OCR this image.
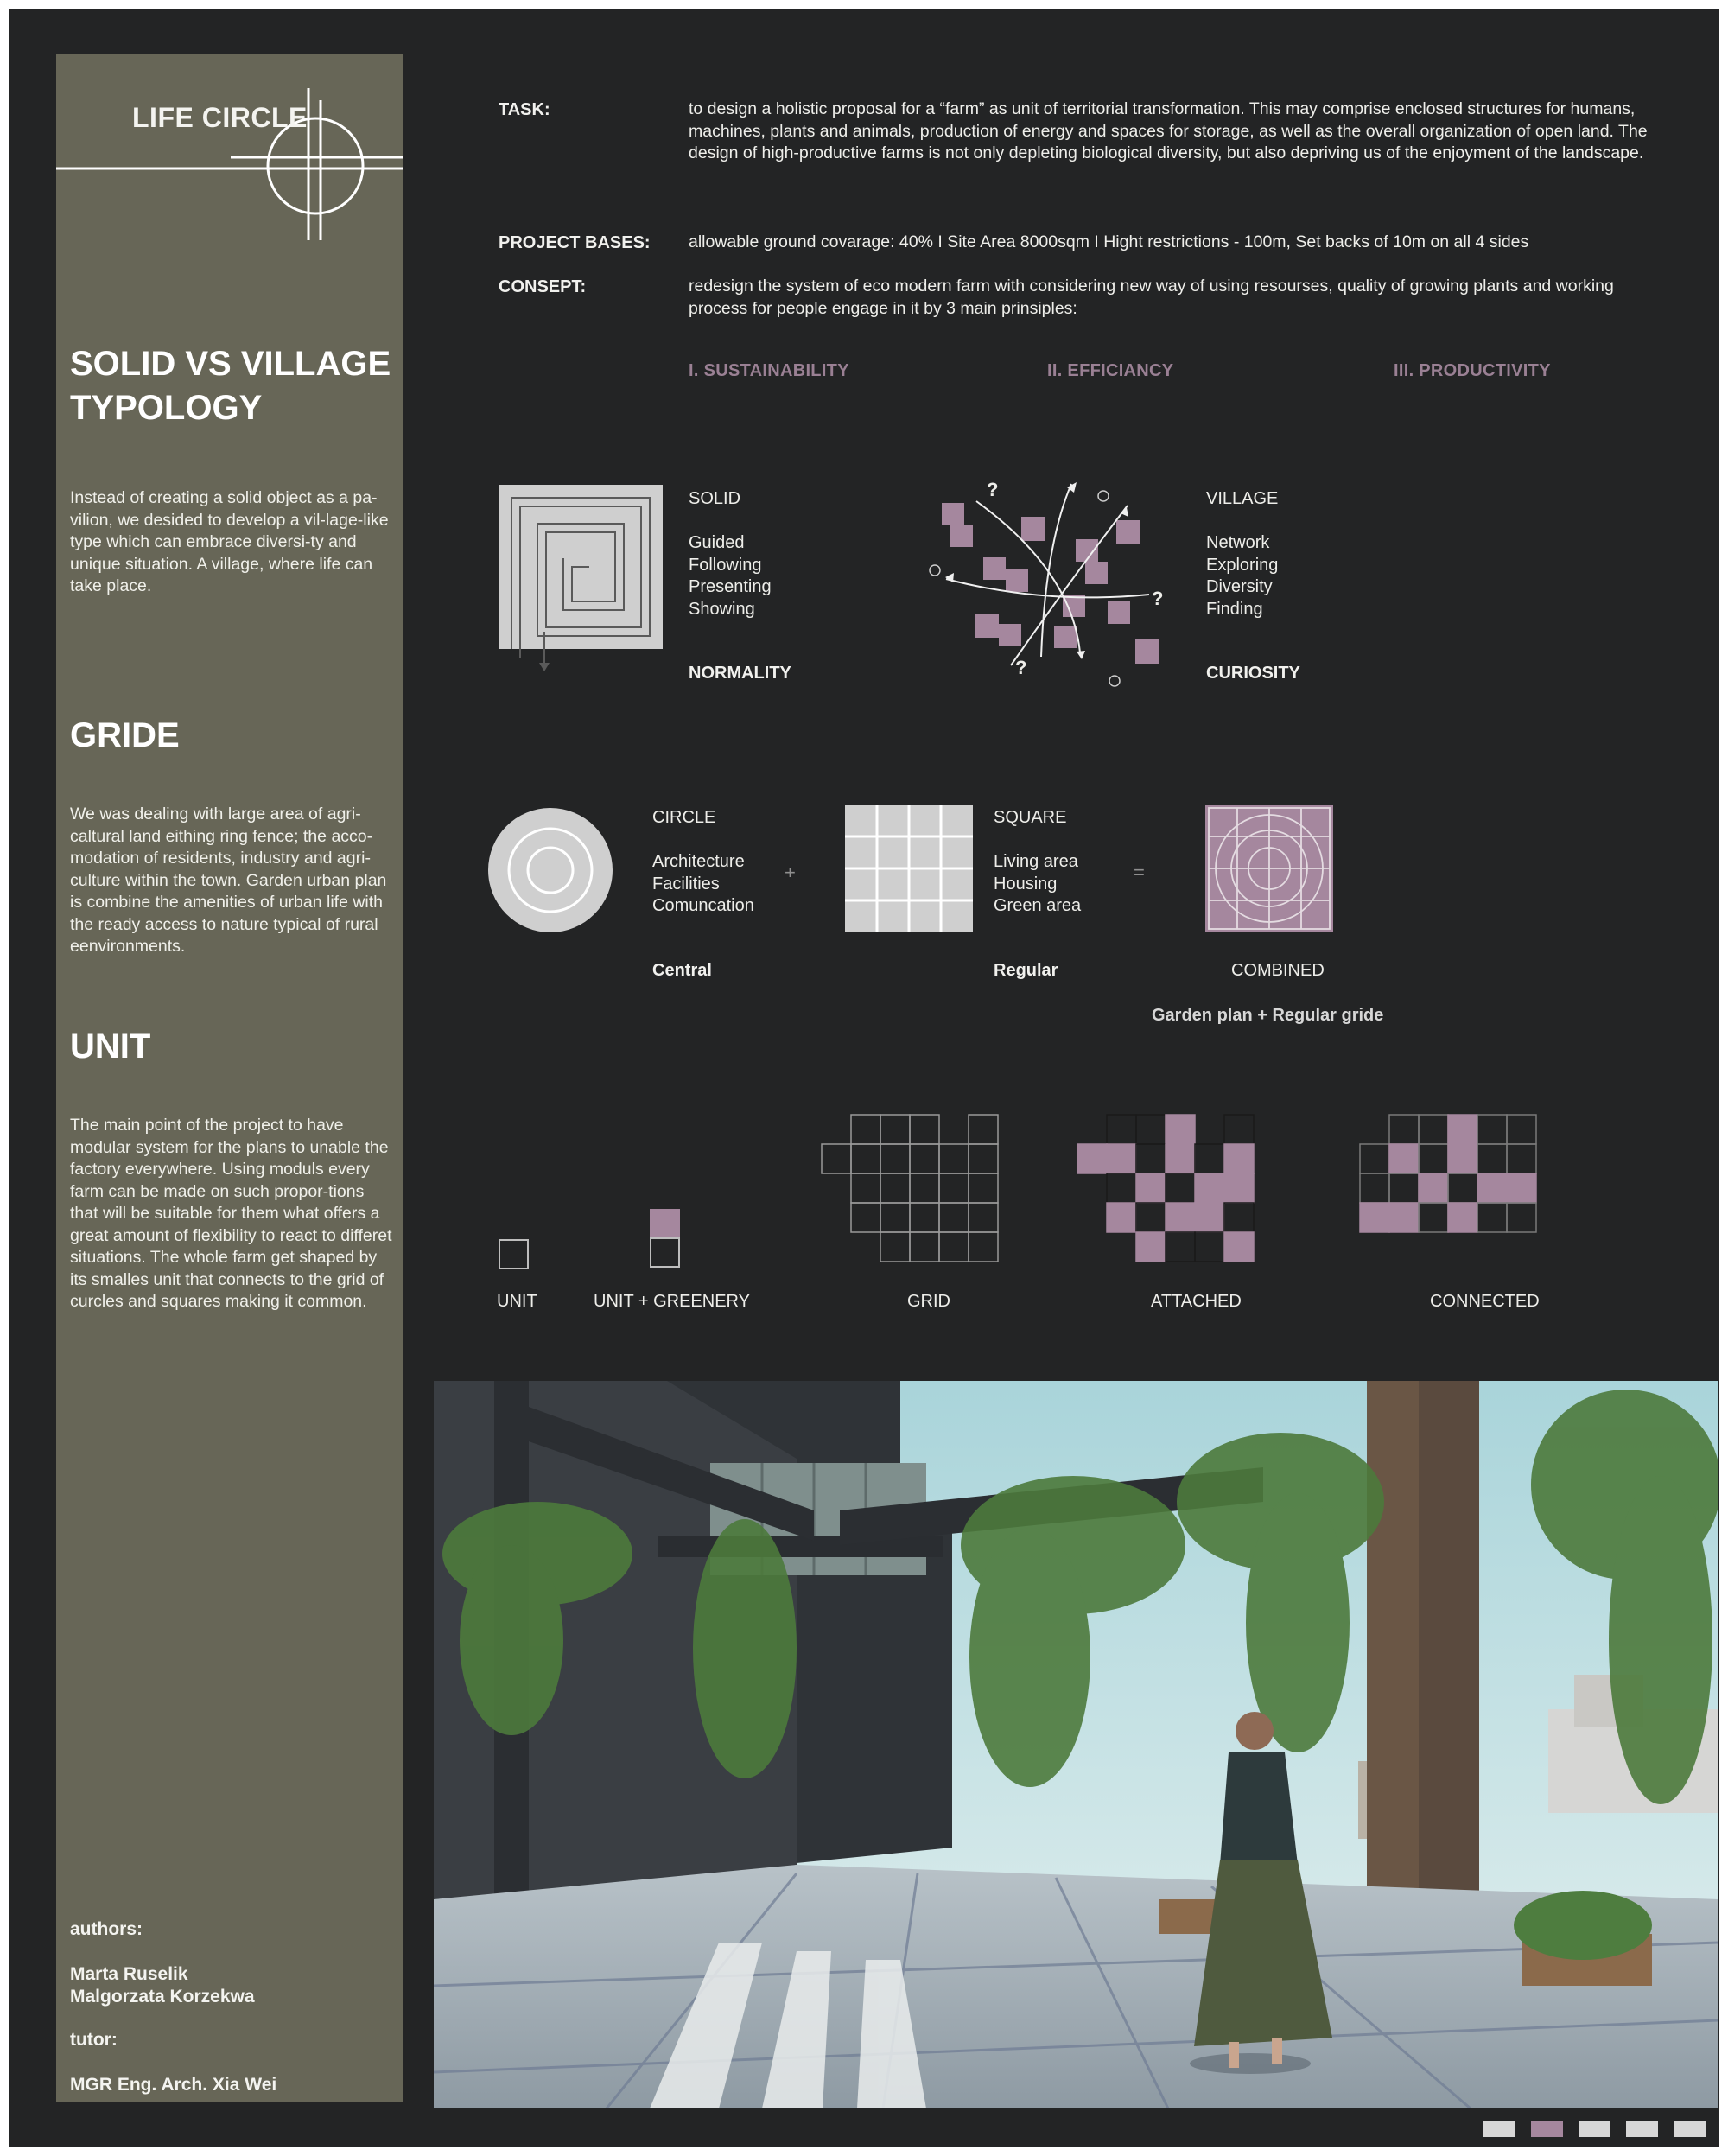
LIFE CIRCLE
SOLID VS VILLAGE
TYPOLOGY
Instead of creating a solid object as a pa-vilion, we desided to develop a vil-lage-like type which can embrace diversi-ty and unique situation. A village, where life can take place.
GRIDE
We was dealing with large area of agri-caltural land eithing ring fence; the acco-modation of residents, industry and agri-culture within the town. Garden urban plan is combine the amenities of urban life with the ready access to nature typical of rural eenvironments.
UNIT
The main point of the project to have modular system for the plans to unable the factory everywhere. Using moduls every farm can be made on such propor-tions that will be suitable for them what offers a great amount of flexibility to react to differet situations. The whole farm get shaped by its smalles unit that connects to the grid of curcles and squares making it common.
authors:
Marta Ruselik
Malgorzata Korzekwa
tutor:
MGR Eng. Arch. Xia Wei
TASK:	to design a holistic proposal for a “farm” as unit of territorial transformation. This may comprise enclosed structures for humans, machines, plants and animals, production of energy and spaces for storage, as well as the overall organization of open land. The design of high-productive farms is not only depleting biological diversity, but also depriving us of the enjoyment of the landscape.
PROJECT BASES: allowable ground covarage: 40% I Site Area 8000sqm I Hight restrictions - 100m, Set backs of 10m on all 4 sides
CONSEPT:	redesign the system of eco modern farm with considering new way of using resourses, quality of growing plants and working process for people engage in it by 3 main prinsiples:
I. SUSTAINABILITY	II. EFFICIANCY	III. PRODUCTIVITY
SOLID
Guided
Following
Presenting
Showing
NORMALITY
?
?
?
VILLAGE
Network
Exploring
Diversity
Finding
CURIOSITY
CIRCLE
Architecture
Facilities
Comuncation
Central
+
SQUARE
Living area
Housing
Green area
Regular
=
COMBINED
Garden plan + Regular gride
UNIT	UNIT + GREENERY	GRID	ATTACHED	CONNECTED
